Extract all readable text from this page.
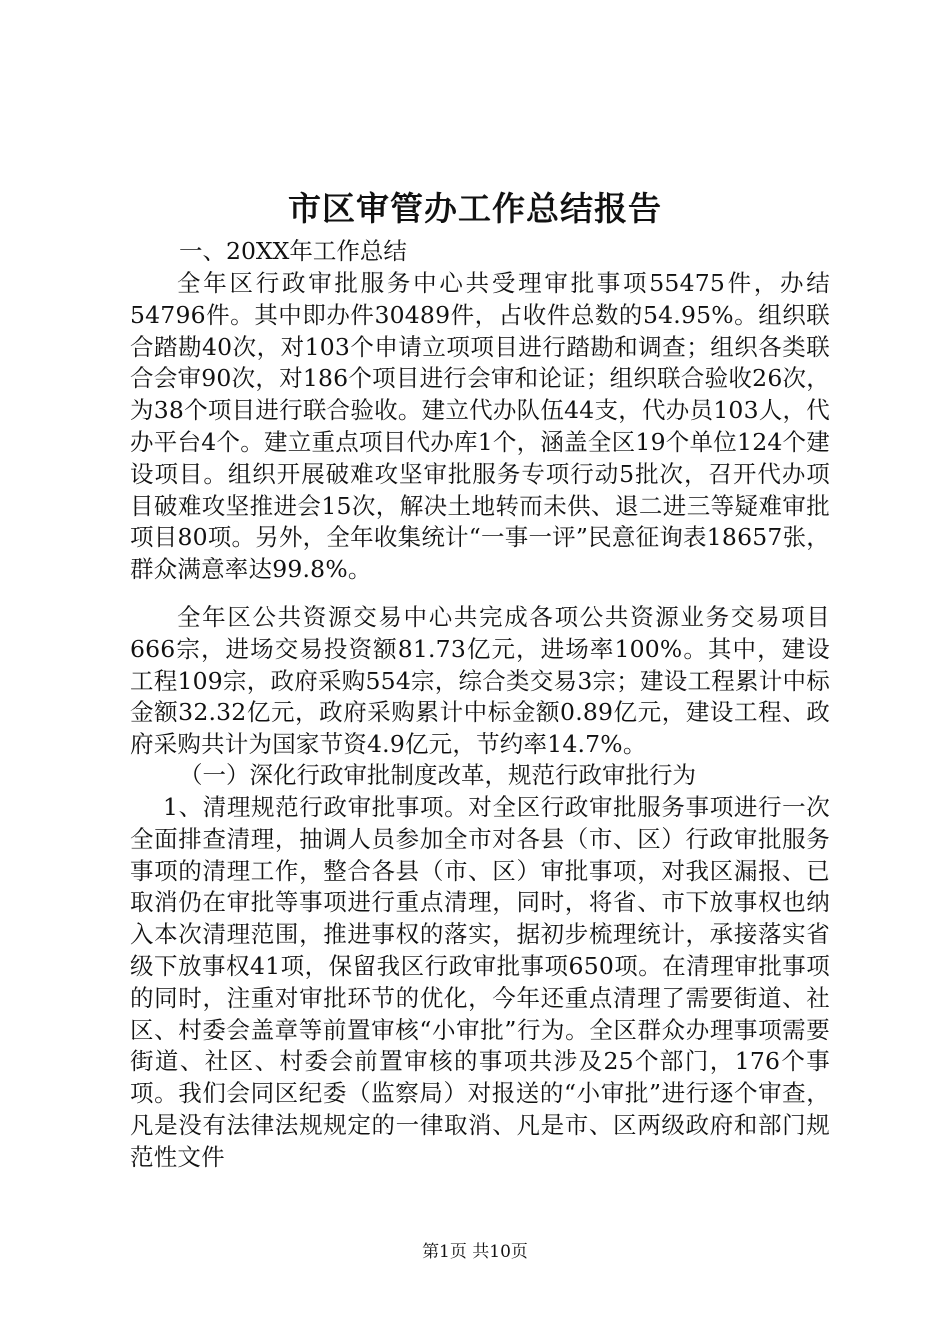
市区审管办工作总结报告

一、20XX年工作总结

全年区行政审批服务中心共受理审批事项55475件，办结54796件。其中即办件30489件，占收件总数的54.95%。组织联合踏勘40次，对103个申请立项项目进行踏勘和调查；组织各类联合会审90次，对186个项目进行会审和论证；组织联合验收26次，为38个项目进行联合验收。建立代办队伍44支，代办员103人，代办平台4个。建立重点项目代办库1个，涵盖全区19个单位124个建设项目。组织开展破难攻坚审批服务专项行动5批次，召开代办项目破难攻坚推进会15次，解决土地转而未供、退二进三等疑难审批项目80项。另外，全年收集统计“一事一评”民意征询表18657张，群众满意率达99.8%。

全年区公共资源交易中心共完成各项公共资源业务交易项目666宗，进场交易投资额81.73亿元，进场率100%。其中，建设工程109宗，政府采购554宗，综合类交易3宗；建设工程累计中标金额32.32亿元，政府采购累计中标金额0.89亿元，建设工程、政府采购共计为国家节资4.9亿元，节约率14.7%。

（一）深化行政审批制度改革，规范行政审批行为

1、清理规范行政审批事项。对全区行政审批服务事项进行一次全面排查清理，抽调人员参加全市对各县（市、区）行政审批服务事项的清理工作，整合各县（市、区）审批事项，对我区漏报、已取消仍在审批等事项进行重点清理，同时，将省、市下放事权也纳入本次清理范围，推进事权的落实，据初步梳理统计，承接落实省级下放事权41项，保留我区行政审批事项650项。在清理审批事项的同时，注重对审批环节的优化，今年还重点清理了需要街道、社区、村委会盖章等前置审核“小审批”行为。全区群众办理事项需要街道、社区、村委会前置审核的事项共涉及25个部门，176个事项。我们会同区纪委（监察局）对报送的“小审批”进行逐个审查，凡是没有法律法规规定的一律取消、凡是市、区两级政府和部门规范性文件

第1页 共10页
